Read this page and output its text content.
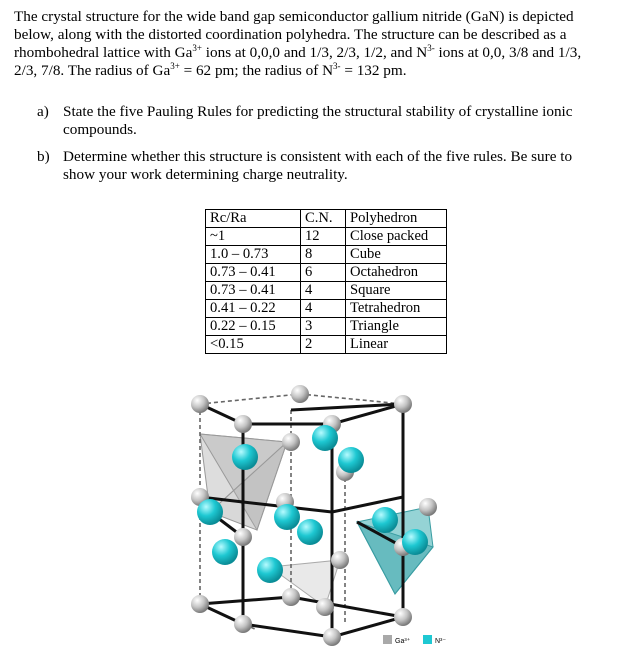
The crystal structure for the wide band gap semiconductor gallium nitride (GaN) is depicted
below, along with the distorted coordination polyhedra. The structure can be described as a
rhombohedral lattice with $Ga^{3+}$ ions at 0,0,0 and 1/3, 2/3, 1/2, and $N^{3-}$ ions at 0,0, 3/8 and 1/3,
2/3, 7/8. The radius of $Ga^{3+} = 62$ pm; the radius of $N^{3-} = 132$ pm.
a) State the five Pauling Rules for predicting the structural stability of crystalline ionic
compounds.
b) Determine whether this structure is consistent with each of the five rules. Be sure to
show your work determining charge neutrality.
Rc/Ra	C.N.	Polyhedron
~1	12	Close packed
1.0 – 0.73	8	Cube
0.73 – 0.41	6	Octahedron
0.73 – 0.41	4	Square
0.41 – 0.22	4	Tetrahedron
0.22 – 0.15	3	Triangle
<0.15	2	Linear
Ga³⁺	N³⁻
